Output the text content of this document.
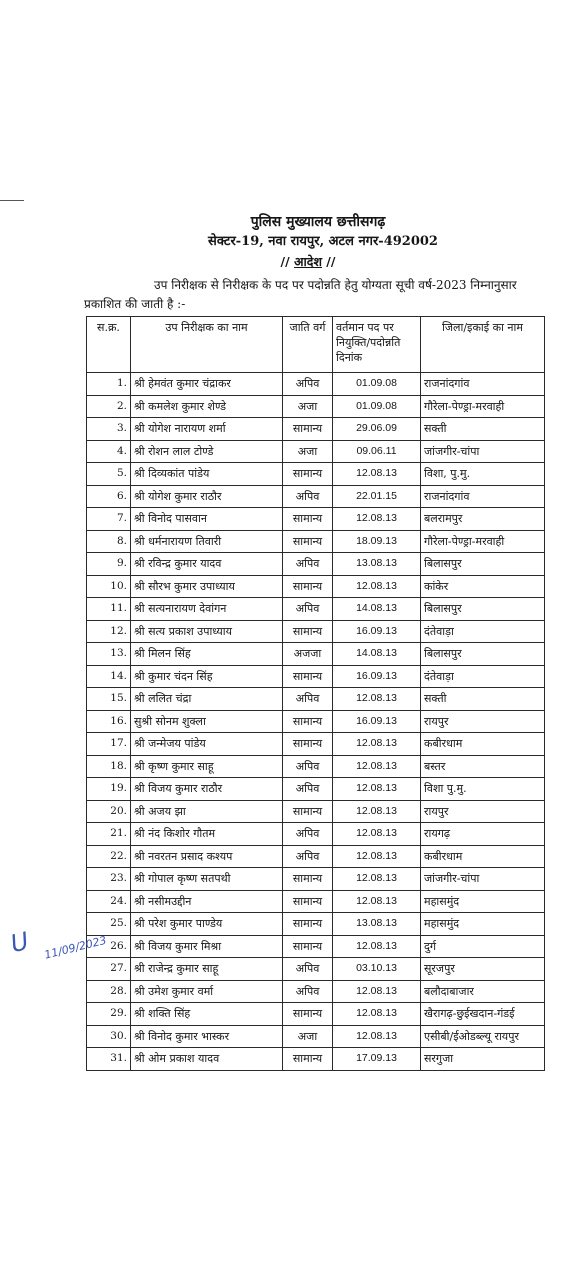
पुलिस मुख्यालय छत्तीसगढ़
सेक्टर-19, नवा रायपुर, अटल नगर-492002
// आदेश //
उप निरीक्षक से निरीक्षक के पद पर पदोन्नति हेतु योग्यता सूची वर्ष-2023 निम्नानुसार प्रकाशित की जाती है :-
स.क्र.	उप निरीक्षक का नाम	जाति वर्ग	वर्तमान पद पर नियुक्ति/पदोन्नति दिनांक	जिला/इकाई का नाम
1.	श्री हेमवंत कुमार चंद्राकर	अपिव	01.09.08	राजनांदगांव
2.	श्री कमलेश कुमार शेण्डे	अजा	01.09.08	गौरेला-पेण्ड्रा-मरवाही
3.	श्री योगेश नारायण शर्मा	सामान्य	29.06.09	सक्ती
4.	श्री रोशन लाल टोण्डे	अजा	09.06.11	जांजगीर-चांपा
5.	श्री दिव्यकांत पांडेय	सामान्य	12.08.13	विशा, पु.मु.
6.	श्री योगेश कुमार राठौर	अपिव	22.01.15	राजनांदगांव
7.	श्री विनोद पासवान	सामान्य	12.08.13	बलरामपुर
8.	श्री धर्मनारायण तिवारी	सामान्य	18.09.13	गौरेला-पेण्ड्रा-मरवाही
9.	श्री रविन्द्र कुमार यादव	अपिव	13.08.13	बिलासपुर
10.	श्री सौरभ कुमार उपाध्याय	सामान्य	12.08.13	कांकेर
11.	श्री सत्यनारायण देवांगन	अपिव	14.08.13	बिलासपुर
12.	श्री सत्य प्रकाश उपाध्याय	सामान्य	16.09.13	दंतेवाड़ा
13.	श्री मिलन सिंह	अजजा	14.08.13	बिलासपुर
14.	श्री कुमार चंदन सिंह	सामान्य	16.09.13	दंतेवाड़ा
15.	श्री ललित चंद्रा	अपिव	12.08.13	सक्ती
16.	सुश्री सोनम शुक्ला	सामान्य	16.09.13	रायपुर
17.	श्री जन्मेजय पांडेय	सामान्य	12.08.13	कबीरधाम
18.	श्री कृष्ण कुमार साहू	अपिव	12.08.13	बस्तर
19.	श्री विजय कुमार राठौर	अपिव	12.08.13	विशा पु.मु.
20.	श्री अजय झा	सामान्य	12.08.13	रायपुर
21.	श्री नंद किशोर गौतम	अपिव	12.08.13	रायगढ़
22.	श्री नवरतन प्रसाद कश्यप	अपिव	12.08.13	कबीरधाम
23.	श्री गोपाल कृष्ण सतपथी	सामान्य	12.08.13	जांजगीर-चांपा
24.	श्री नसीमउद्दीन	सामान्य	12.08.13	महासमुंद
25.	श्री परेश कुमार पाण्डेय	सामान्य	13.08.13	महासमुंद
26.	श्री विजय कुमार मिश्रा	सामान्य	12.08.13	दुर्ग
27.	श्री राजेन्द्र कुमार साहू	अपिव	03.10.13	सूरजपुर
28.	श्री उमेश कुमार वर्मा	अपिव	12.08.13	बलौदाबाजार
29.	श्री शक्ति सिंह	सामान्य	12.08.13	खैरागढ़-छुईखदान-गंडई
30.	श्री विनोद कुमार भास्कर	अजा	12.08.13	एसीबी/ईओडब्ल्यू रायपुर
31.	श्री ओम प्रकाश यादव	सामान्य	17.09.13	सरगुजा
U	11/09/2023
